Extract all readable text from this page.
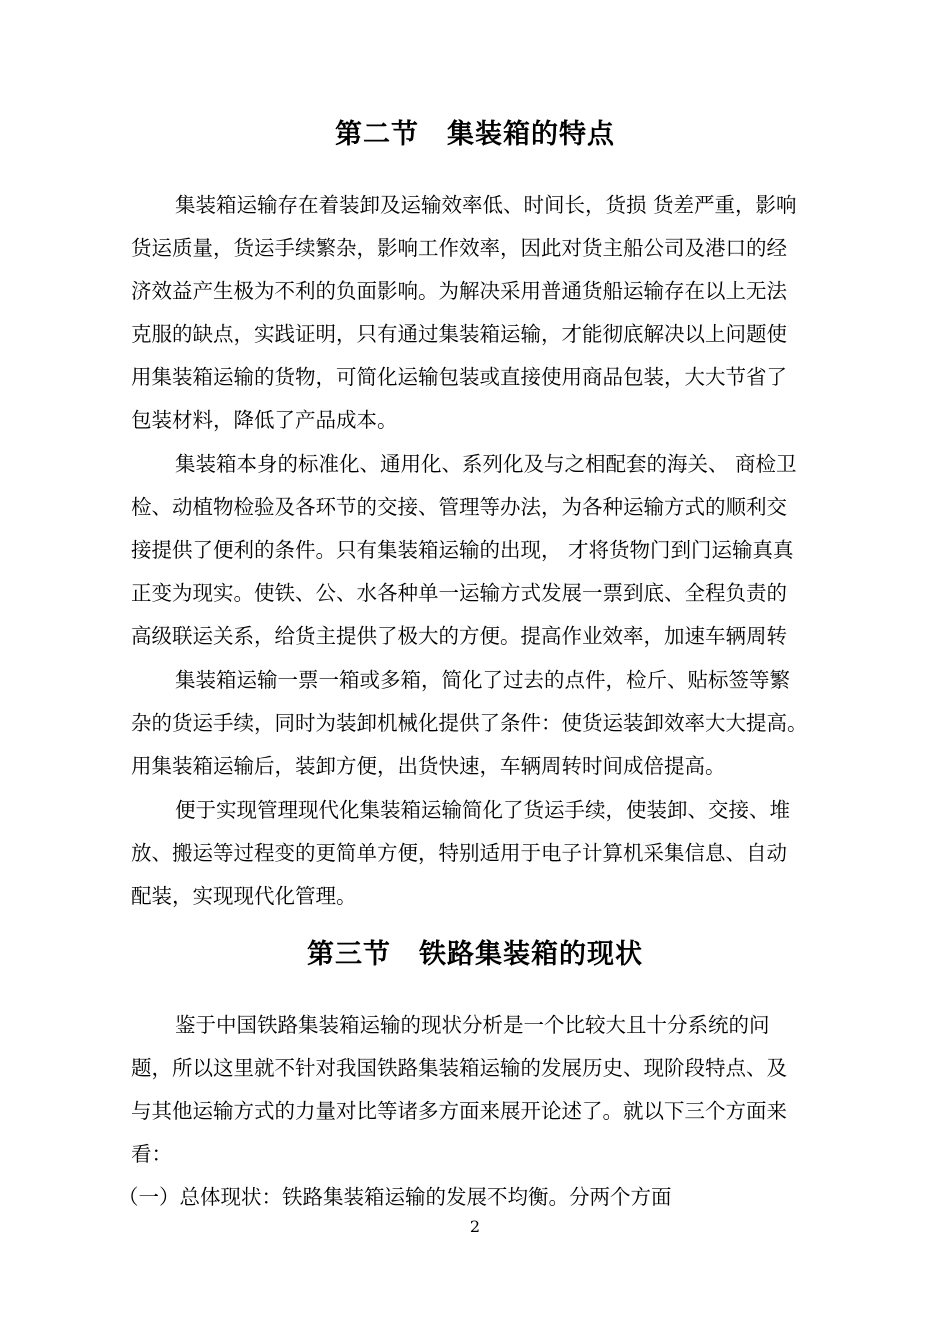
第二节　集装箱的特点
集装箱运输存在着装卸及运输效率低、时间长，货损 货差严重，影响
货运质量，货运手续繁杂，影响工作效率，因此对货主船公司及港口的经
济效益产生极为不利的负面影响。为解决采用普通货船运输存在以上无法
克服的缺点，实践证明，只有通过集装箱运输，才能彻底解决以上问题使
用集装箱运输的货物，可简化运输包装或直接使用商品包装，大大节省了
包装材料，降低了产品成本。
集装箱本身的标准化、通用化、系列化及与之相配套的海关、 商检卫
检、动植物检验及各环节的交接、管理等办法，为各种运输方式的顺利交
接提供了便利的条件。只有集装箱运输的出现， 才将货物门到门运输真真
正变为现实。使铁、公、水各种单一运输方式发展一票到底、全程负责的
高级联运关系，给货主提供了极大的方便。提高作业效率，加速车辆周转
集装箱运输一票一箱或多箱，简化了过去的点件，检斤、贴标签等繁
杂的货运手续，同时为装卸机械化提供了条件：使货运装卸效率大大提高。
用集装箱运输后，装卸方便，出货快速，车辆周转时间成倍提高。
便于实现管理现代化集装箱运输简化了货运手续，使装卸、交接、堆
放、搬运等过程变的更简单方便，特别适用于电子计算机采集信息、自动
配装，实现现代化管理。
第三节　铁路集装箱的现状
鉴于中国铁路集装箱运输的现状分析是一个比较大且十分系统的问
题，所以这里就不针对我国铁路集装箱运输的发展历史、现阶段特点、及
与其他运输方式的力量对比等诸多方面来展开论述了。就以下三个方面来
看：
（一）总体现状：铁路集装箱运输的发展不均衡。分两个方面
2
